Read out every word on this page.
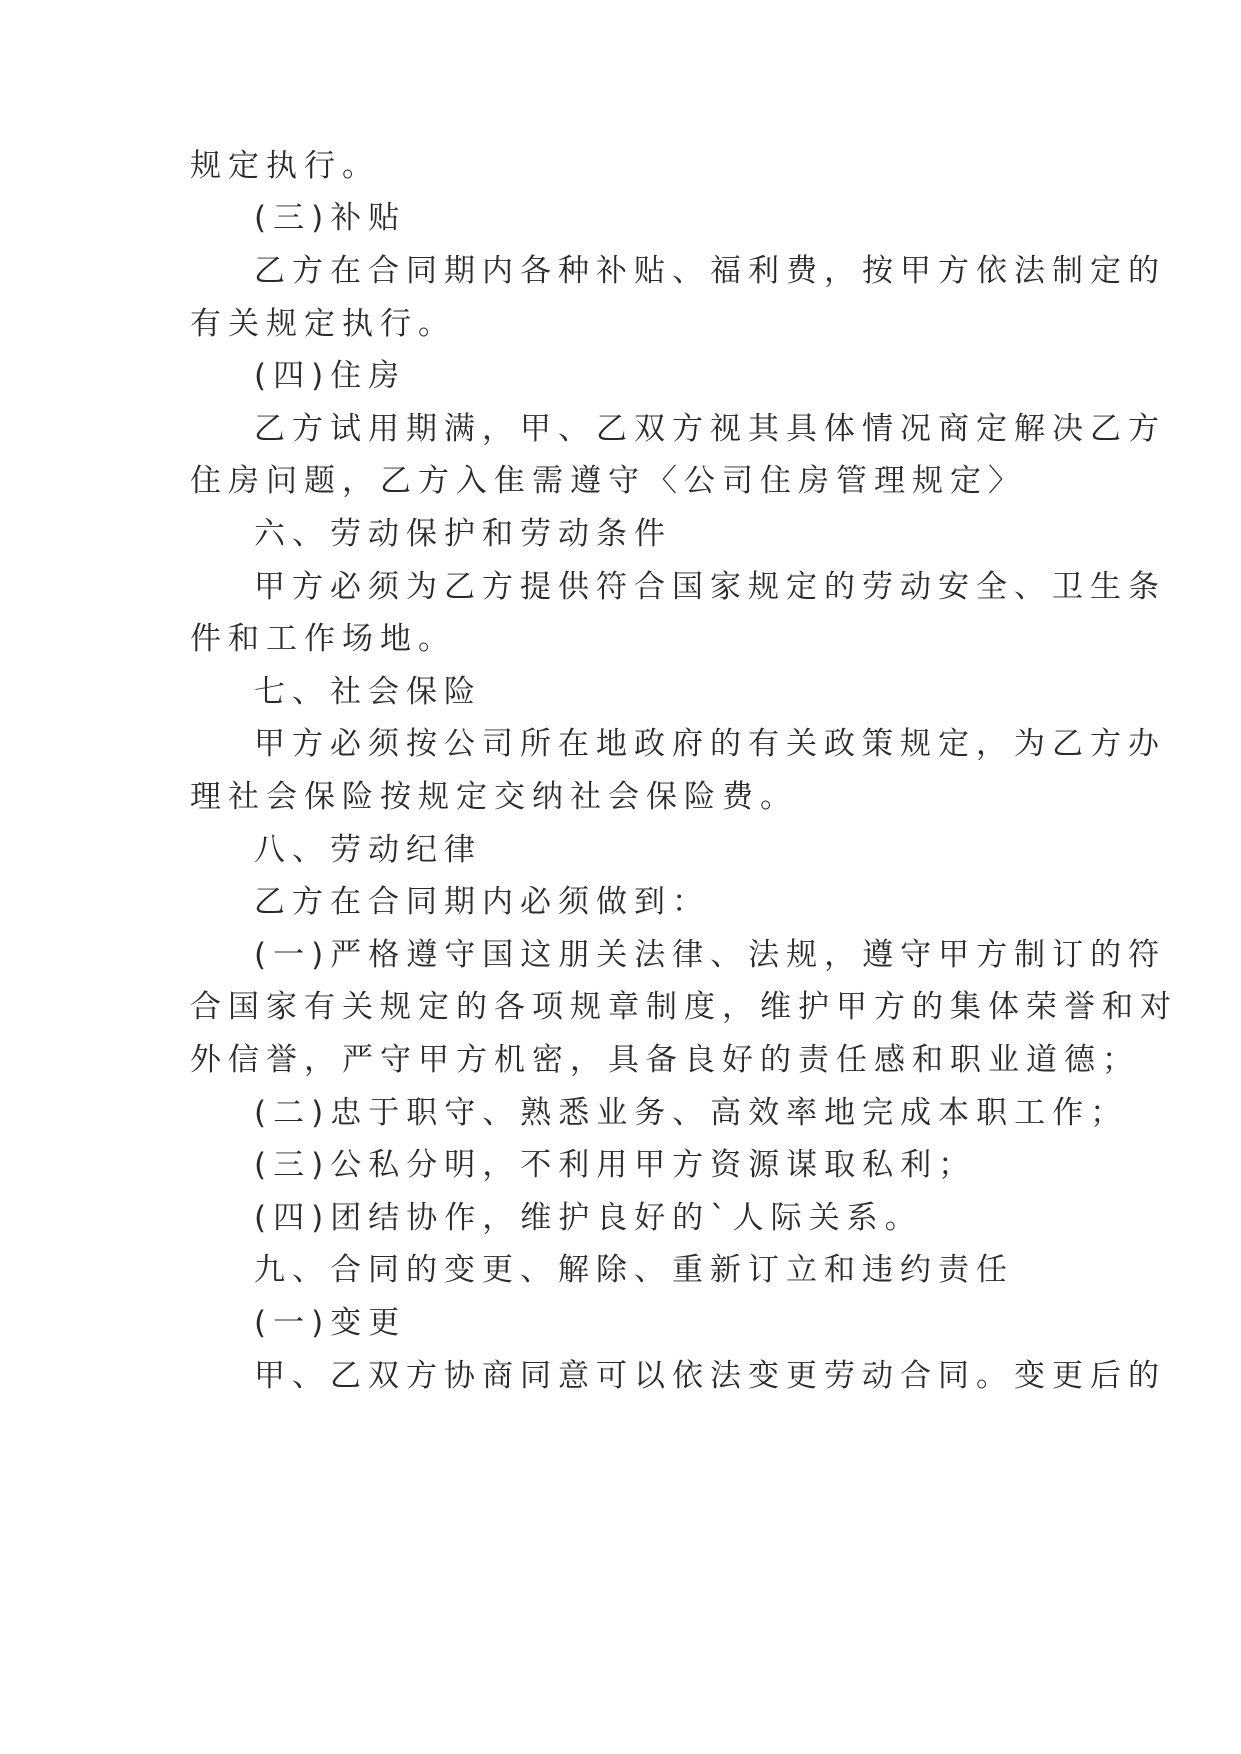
规定执行。
(三)补贴
乙方在合同期内各种补贴、福利费，按甲方依法制定的
有关规定执行。
(四)住房
乙方试用期满，甲、乙双方视其具体情况商定解决乙方
住房问题，乙方入隹需遵守〈公司住房管理规定〉
六、劳动保护和劳动条件
甲方必须为乙方提供符合国家规定的劳动安全、卫生条
件和工作场地。
七、社会保险
甲方必须按公司所在地政府的有关政策规定，为乙方办
理社会保险按规定交纳社会保险费。
八、劳动纪律
乙方在合同期内必须做到：
(一)严格遵守国这朋关法律、法规，遵守甲方制订的符
合国家有关规定的各项规章制度，维护甲方的集体荣誉和对
外信誉，严守甲方机密，具备良好的责任感和职业道德；
(二)忠于职守、熟悉业务、高效率地完成本职工作；
(三)公私分明，不利用甲方资源谋取私利；
(四)团结协作，维护良好的`人际关系。
九、合同的变更、解除、重新订立和违约责任
(一)变更
甲、乙双方协商同意可以依法变更劳动合同。变更后的
